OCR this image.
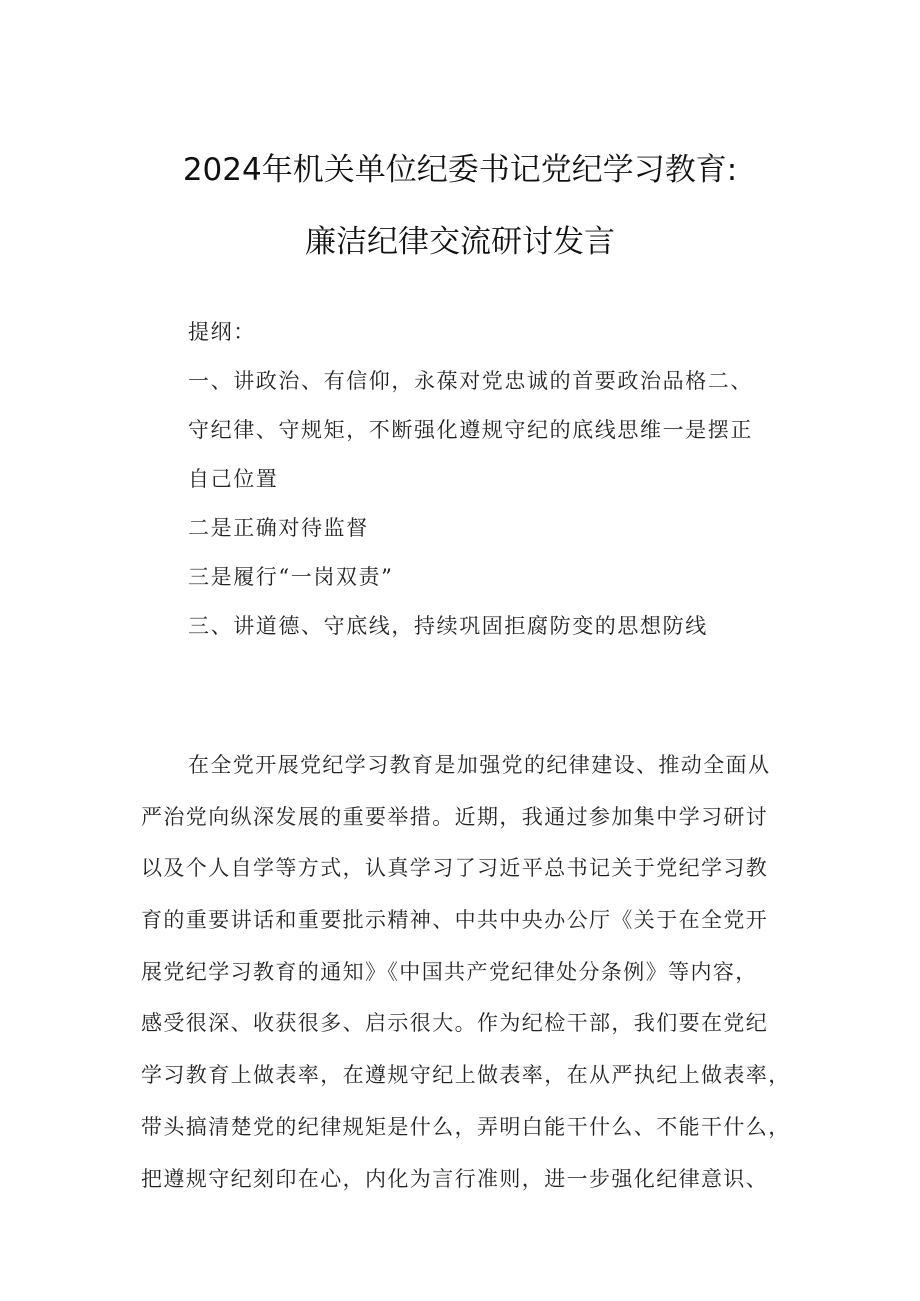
2024年机关单位纪委书记党纪学习教育:
廉洁纪律交流研讨发言
提纲：
一、讲政治、有信仰，永葆对党忠诚的首要政治品格二、
守纪律、守规矩，不断强化遵规守纪的底线思维一是摆正
自己位置
二是正确对待监督
三是履行“一岗双责”
三、讲道德、守底线，持续巩固拒腐防变的思想防线
在全党开展党纪学习教育是加强党的纪律建设、推动全面从
严治党向纵深发展的重要举措。近期，我通过参加集中学习研讨
以及个人自学等方式，认真学习了习近平总书记关于党纪学习教
育的重要讲话和重要批示精神、中共中央办公厅《关于在全党开
展党纪学习教育的通知》《中国共产党纪律处分条例》等内容，
感受很深、收获很多、启示很大。作为纪检干部，我们要在党纪
学习教育上做表率，在遵规守纪上做表率，在从严执纪上做表率，
带头搞清楚党的纪律规矩是什么，弄明白能干什么、不能干什么，
把遵规守纪刻印在心，内化为言行准则，进一步强化纪律意识、
